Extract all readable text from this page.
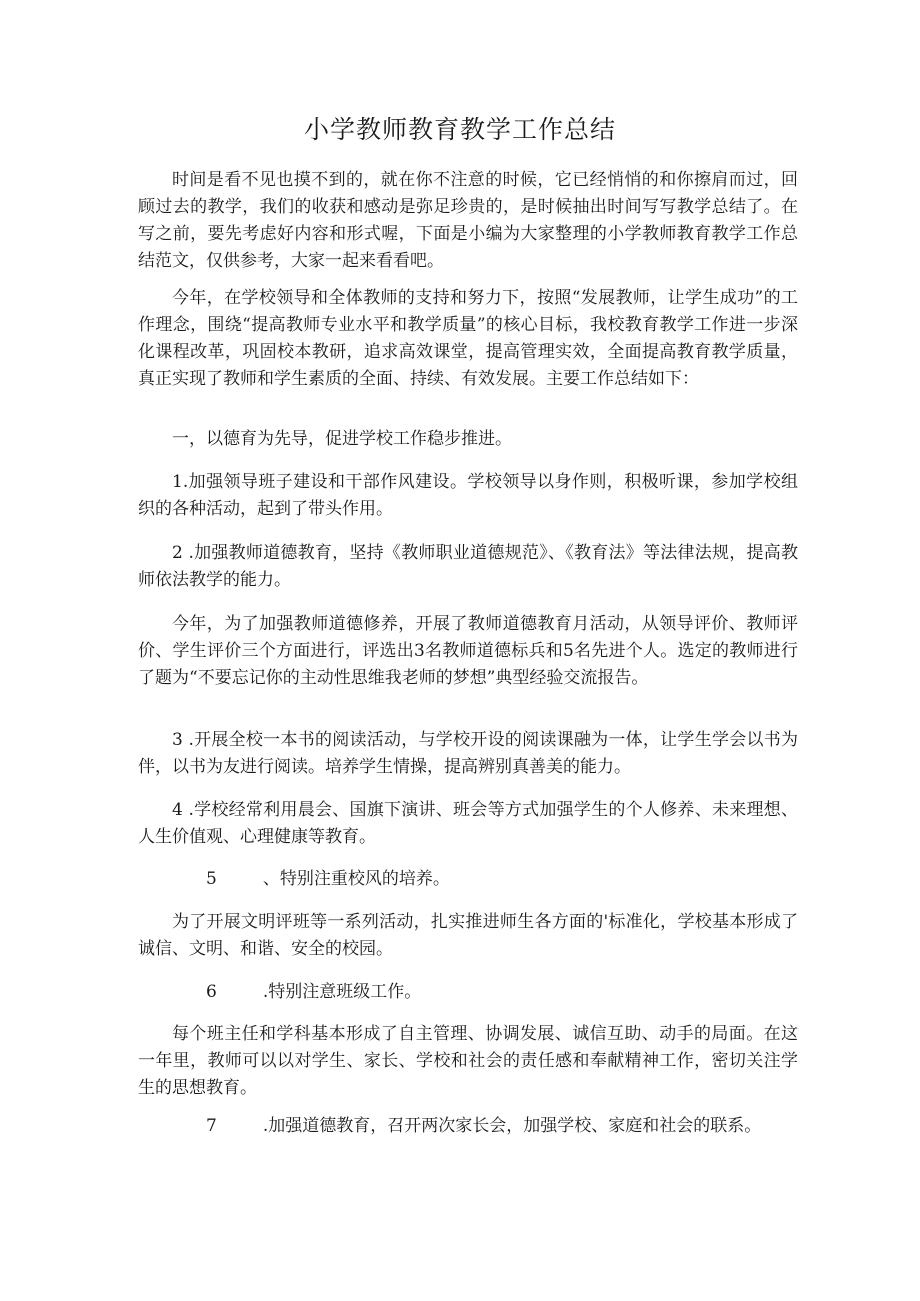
小学教师教育教学工作总结

时间是看不见也摸不到的，就在你不注意的时候，它已经悄悄的和你擦肩而过，回顾过去的教学，我们的收获和感动是弥足珍贵的，是时候抽出时间写写教学总结了。在写之前，要先考虑好内容和形式喔，下面是小编为大家整理的小学教师教育教学工作总结范文，仅供参考，大家一起来看看吧。

今年，在学校领导和全体教师的支持和努力下，按照“发展教师，让学生成功”的工作理念，围绕“提高教师专业水平和教学质量”的核心目标，我校教育教学工作进一步深化课程改革，巩固校本教研，追求高效课堂，提高管理实效，全面提高教育教学质量，真正实现了教师和学生素质的全面、持续、有效发展。主要工作总结如下：

一，以德育为先导，促进学校工作稳步推进。

1.加强领导班子建设和干部作风建设。学校领导以身作则，积极听课，参加学校组织的各种活动，起到了带头作用。

2 .加强教师道德教育，坚持《教师职业道德规范》、《教育法》等法律法规，提高教师依法教学的能力。

今年，为了加强教师道德修养，开展了教师道德教育月活动，从领导评价、教师评价、学生评价三个方面进行，评选出3名教师道德标兵和5名先进个人。选定的教师进行了题为“不要忘记你的主动性思维我老师的梦想”典型经验交流报告。

3 .开展全校一本书的阅读活动，与学校开设的阅读课融为一体，让学生学会以书为伴，以书为友进行阅读。培养学生情操，提高辨别真善美的能力。

4 .学校经常利用晨会、国旗下演讲、班会等方式加强学生的个人修养、未来理想、人生价值观、心理健康等教育。

5	、特别注重校风的培养。

为了开展文明评班等一系列活动，扎实推进师生各方面的'标准化，学校基本形成了诚信、文明、和谐、安全的校园。

6	.特别注意班级工作。

每个班主任和学科基本形成了自主管理、协调发展、诚信互助、动手的局面。在这一年里，教师可以以对学生、家长、学校和社会的责任感和奉献精神工作，密切关注学生的思想教育。

7	.加强道德教育，召开两次家长会，加强学校、家庭和社会的联系。
